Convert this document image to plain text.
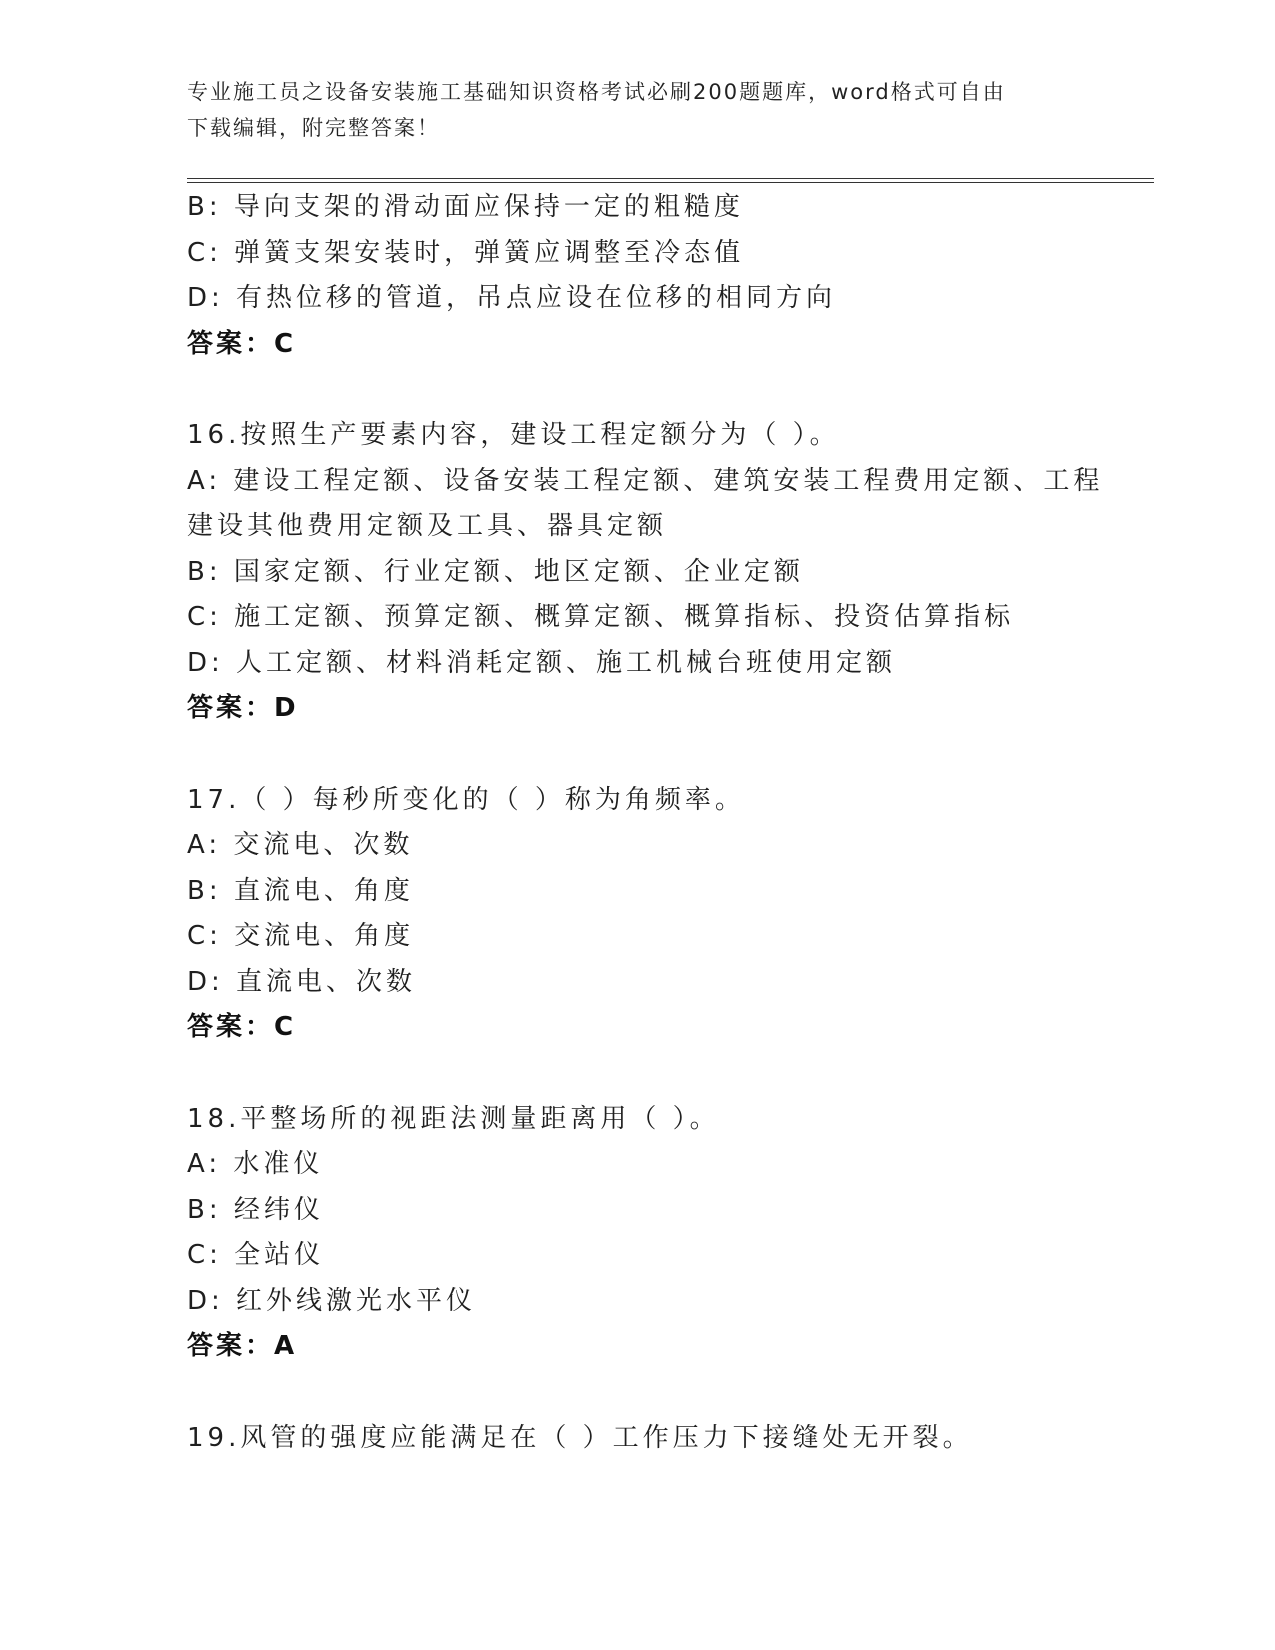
专业施工员之设备安装施工基础知识资格考试必刷200题题库，word格式可自由
下载编辑，附完整答案！
B: 导向支架的滑动面应保持一定的粗糙度
C: 弹簧支架安装时，弹簧应调整至冷态值
D: 有热位移的管道，吊点应设在位移的相同方向
答案：C
16.按照生产要素内容，建设工程定额分为（ ）。
A: 建设工程定额、设备安装工程定额、建筑安装工程费用定额、工程
建设其他费用定额及工具、器具定额
B: 国家定额、行业定额、地区定额、企业定额
C: 施工定额、预算定额、概算定额、概算指标、投资估算指标
D: 人工定额、材料消耗定额、施工机械台班使用定额
答案：D
17.（ ）每秒所变化的（ ）称为角频率。
A: 交流电、次数
B: 直流电、角度
C: 交流电、角度
D: 直流电、次数
答案：C
18.平整场所的视距法测量距离用（ ）。
A: 水准仪
B: 经纬仪
C: 全站仪
D: 红外线激光水平仪
答案：A
19.风管的强度应能满足在（ ）工作压力下接缝处无开裂。
